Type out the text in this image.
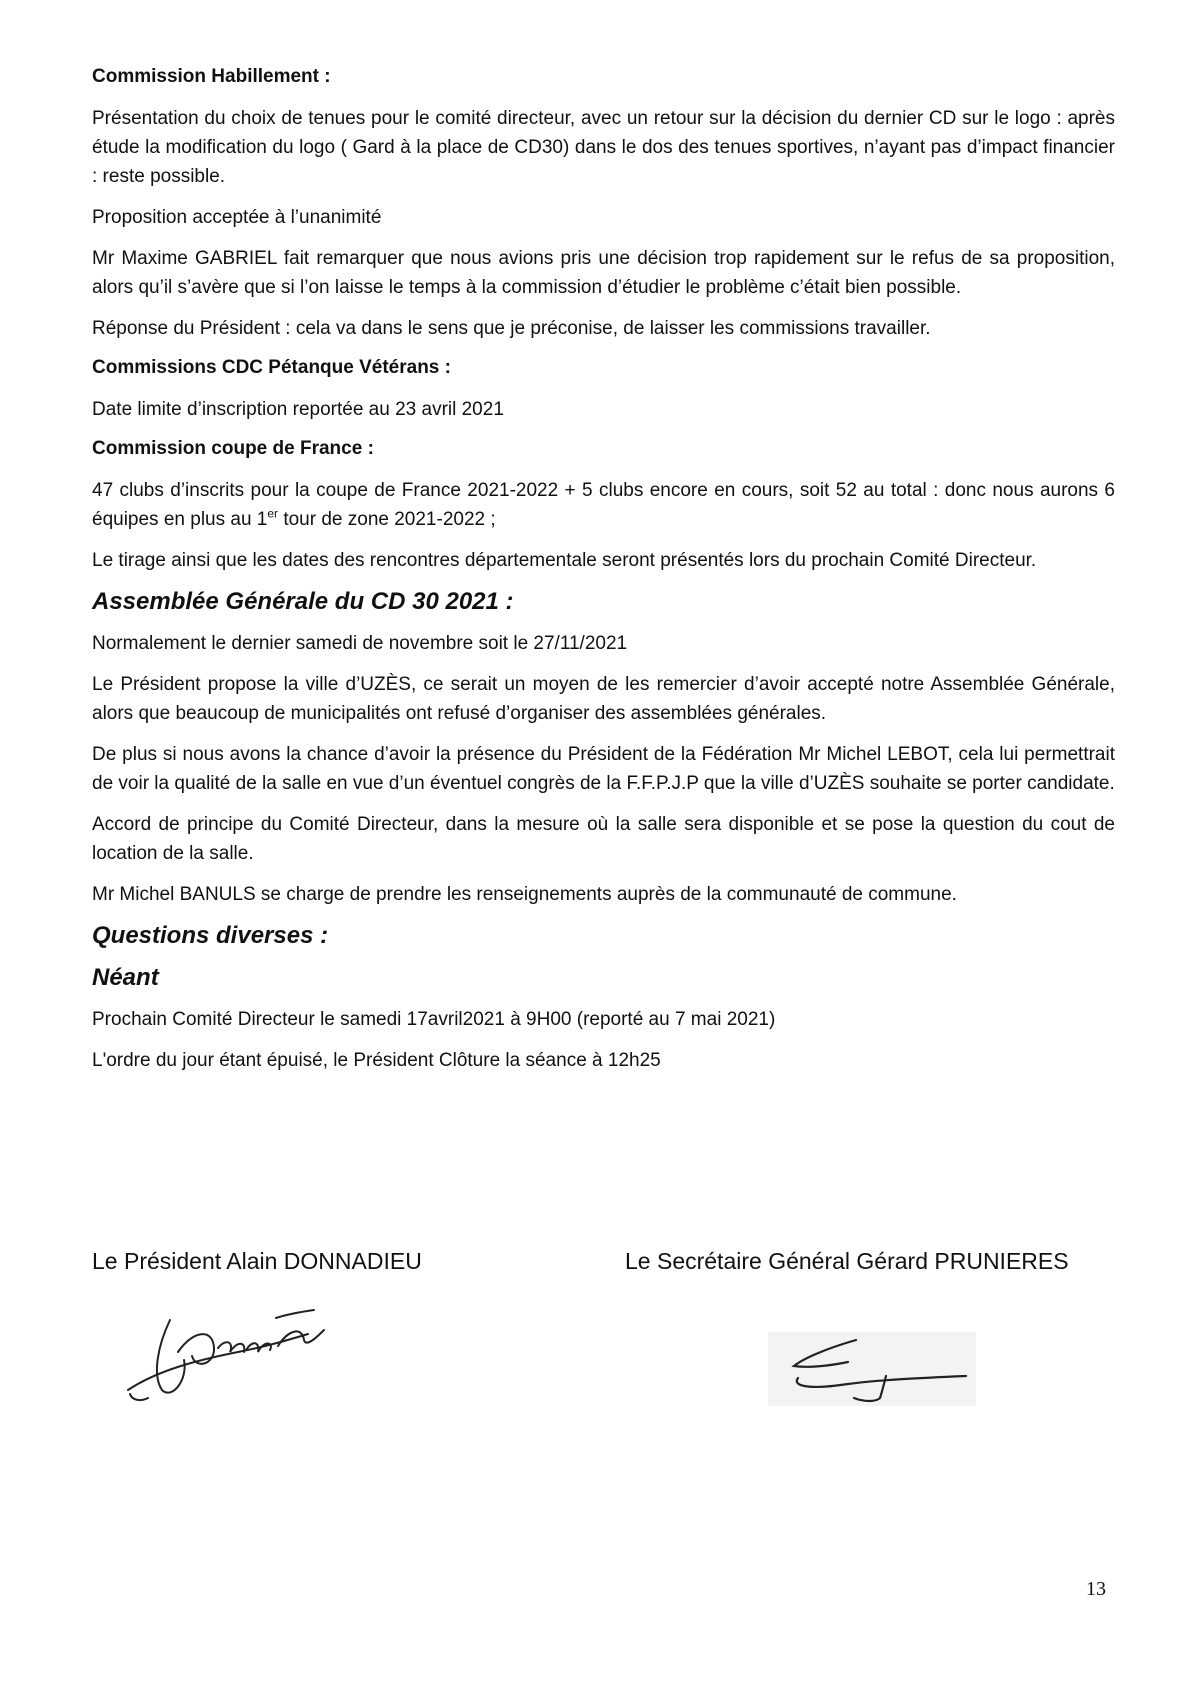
Commission Habillement :

Présentation du choix de tenues pour le comité directeur, avec un retour sur la décision du dernier CD sur le logo : après étude la modification du logo ( Gard à la place de CD30) dans le dos des tenues sportives, n’ayant pas d’impact financier : reste possible.

Proposition acceptée à l’unanimité

Mr Maxime GABRIEL fait remarquer que nous avions pris une décision trop rapidement sur le refus de sa proposition, alors qu’il s’avère que si l’on laisse le temps à la commission d’étudier le problème c’était bien possible.

Réponse du Président : cela va dans le sens que je préconise, de laisser les commissions travailler.

Commissions CDC Pétanque Vétérans :

Date limite d’inscription reportée au 23 avril 2021

Commission coupe de France :

47 clubs d’inscrits pour la coupe de France 2021-2022 + 5 clubs encore en cours, soit 52 au total : donc nous aurons 6 équipes en plus au 1er tour de zone 2021-2022 ;

Le tirage ainsi que les dates des rencontres départementale seront présentés lors du prochain Comité Directeur.

Assemblée Générale du CD 30 2021 :

Normalement le dernier samedi de novembre soit le 27/11/2021

Le Président propose la ville d’UZÈS, ce serait un moyen de les remercier d’avoir accepté notre Assemblée Générale, alors que beaucoup de municipalités ont refusé d’organiser des assemblées générales.

De plus si nous avons la chance d’avoir la présence du Président de la Fédération Mr Michel LEBOT, cela lui permettrait de voir la qualité de la salle en vue d’un éventuel congrès de la F.F.P.J.P que la ville d’UZÈS souhaite se porter candidate.

Accord de principe du Comité Directeur, dans la mesure où la salle sera disponible et se pose la question du cout de location de la salle.

Mr Michel BANULS se charge de prendre les renseignements auprès de la communauté de commune.

Questions diverses :
Néant

Prochain Comité Directeur le samedi 17avril2021 à 9H00 (reporté au 7 mai 2021)

L'ordre du jour étant épuisé, le Président Clôture la séance à 12h25

Le Président Alain DONNADIEU	Le Secrétaire Général Gérard PRUNIERES
13
